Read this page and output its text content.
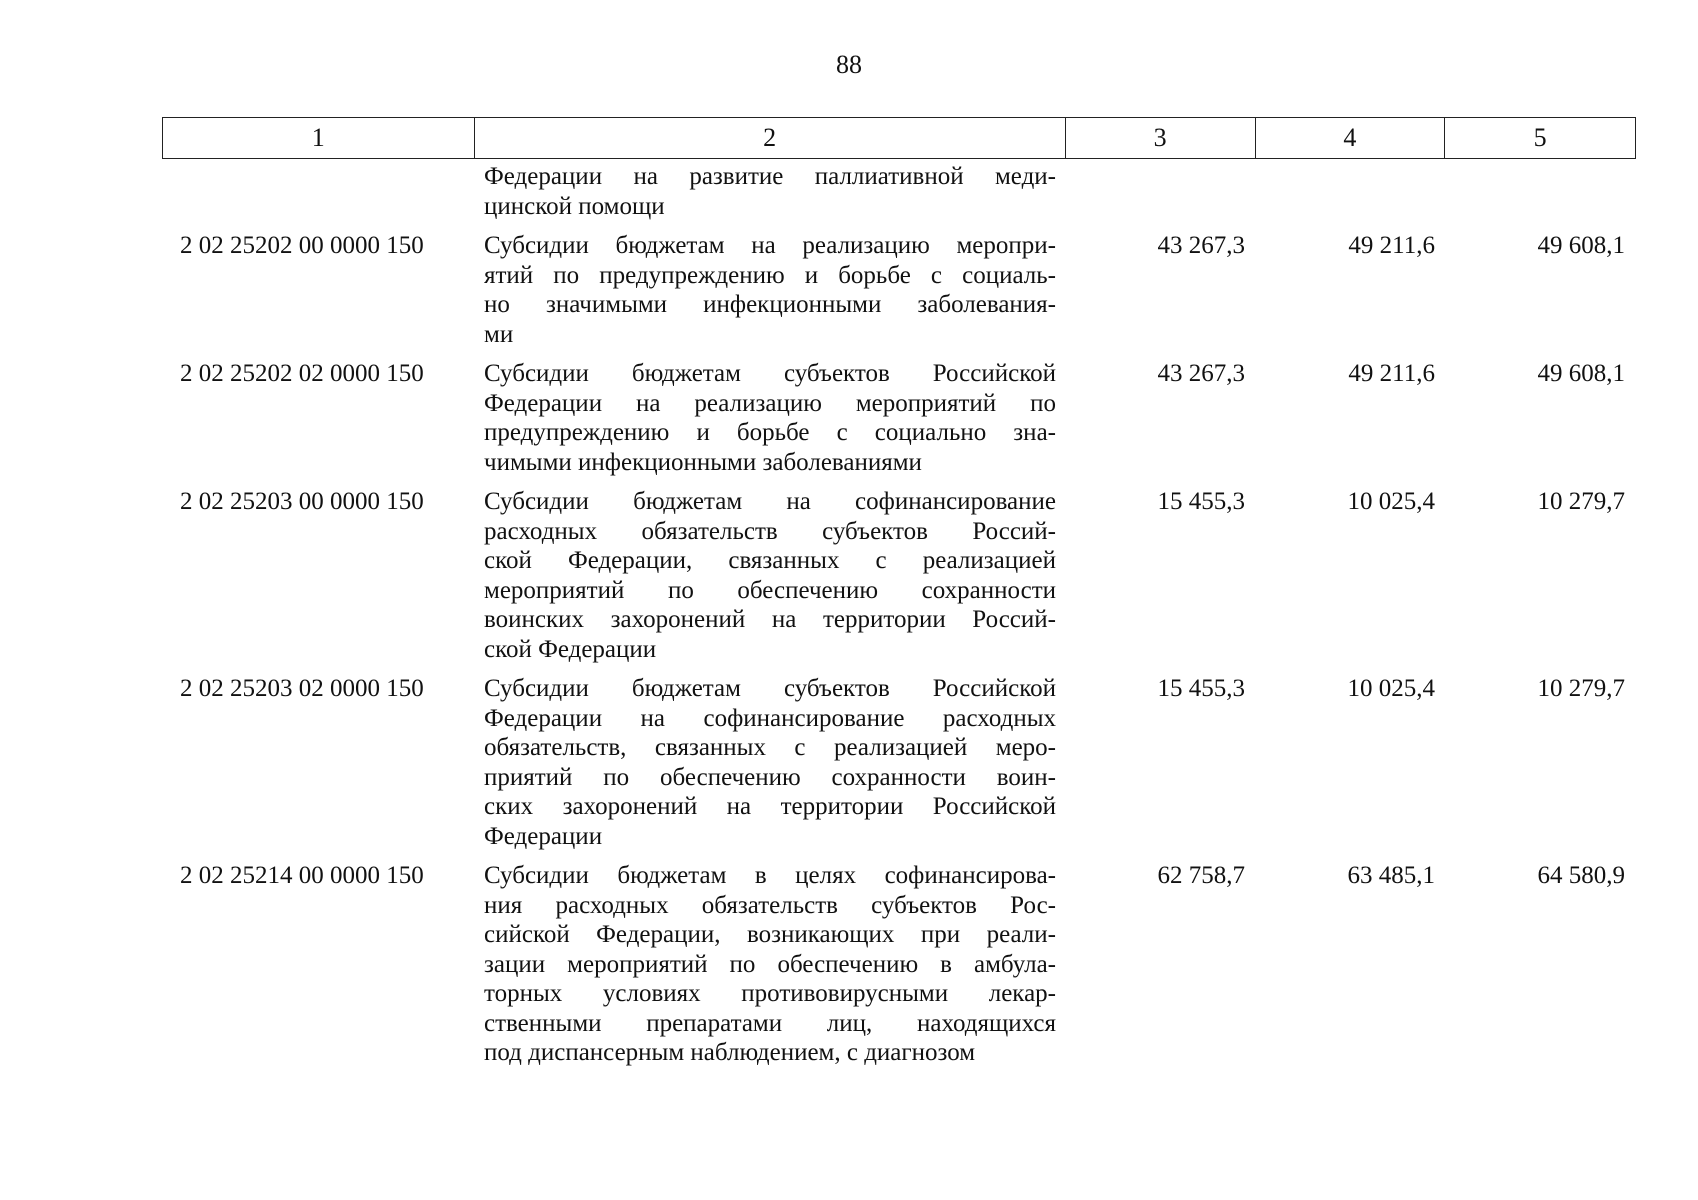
88
1	2	3	4	5
Федерации на развитие паллиативной меди-
цинской помощи
2 02 25202 00 0000 150	Субсидии бюджетам на реализацию меропри-
ятий по предупреждению и борьбе с социаль-
но значимыми инфекционными заболевания-
ми
43 267,3	49 211,6	49 608,1
2 02 25202 02 0000 150	Субсидии бюджетам субъектов Российской
Федерации на реализацию мероприятий по
предупреждению и борьбе с социально зна-
чимыми инфекционными заболеваниями
43 267,3	49 211,6	49 608,1
2 02 25203 00 0000 150	Субсидии бюджетам на софинансирование
расходных обязательств субъектов Россий-
ской Федерации, связанных с реализацией
мероприятий по обеспечению сохранности
воинских захоронений на территории Россий-
ской Федерации
15 455,3	10 025,4	10 279,7
2 02 25203 02 0000 150	Субсидии бюджетам субъектов Российской
Федерации на софинансирование расходных
обязательств, связанных с реализацией меро-
приятий по обеспечению сохранности воин-
ских захоронений на территории Российской
Федерации
15 455,3	10 025,4	10 279,7
2 02 25214 00 0000 150	Субсидии бюджетам в целях софинансирова-
ния расходных обязательств субъектов Рос-
сийской Федерации, возникающих при реали-
зации мероприятий по обеспечению в амбула-
торных условиях противовирусными лекар-
ственными препаратами лиц, находящихся
под диспансерным наблюдением, с диагнозом
62 758,7	63 485,1	64 580,9
